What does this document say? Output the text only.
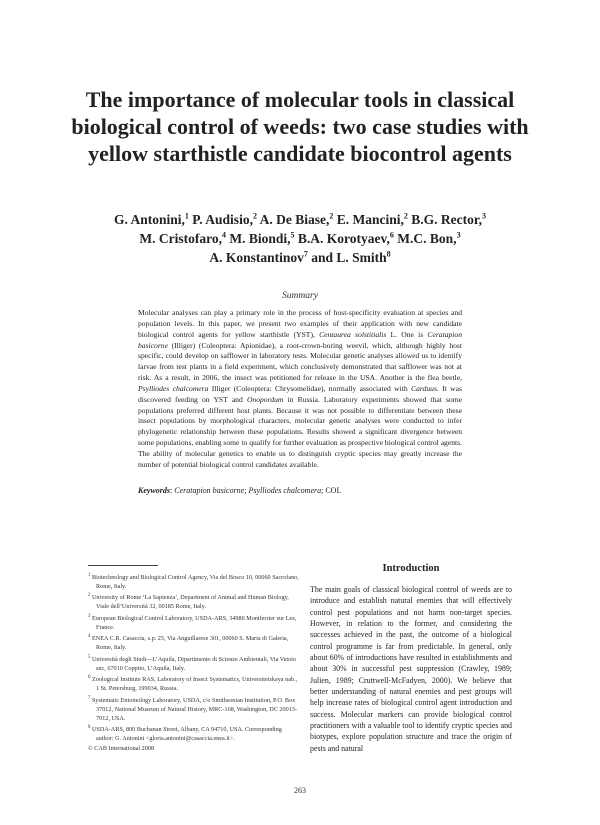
The importance of molecular tools in classical biological control of weeds: two case studies with yellow starthistle candidate biocontrol agents
G. Antonini,$^1$ P. Audisio,$^2$ A. De Biase,$^2$ E. Mancini,$^2$ B.G. Rector,$^3$
M. Cristofaro,$^4$ M. Biondi,$^5$ B.A. Korotyaev,$^6$ M.C. Bon,$^3$
A. Konstantinov$^7$ and L. Smith$^8$
Summary

Molecular analyses can play a primary role in the process of host-specificity evaluation at species and population levels. In this paper, we present two examples of their application with new candidate biological control agents for yellow starthistle (YST), Centaurea solstitialis L. One is Ceratapion basicorne (Illiger) (Coleoptera: Apionidae), a root-crown-boring weevil, which, although highly host specific, could develop on safflower in laboratory tests. Molecular genetic analyses allowed us to identify larvae from test plants in a field experiment, which conclusively demonstrated that safflower was not at risk. As a result, in 2006, the insect was petitioned for release in the USA. Another is the flea beetle, Psylliodes chalcomera Illiger (Coleoptera: Chrysomelidae), normally associated with Carduus. It was discovered feeding on YST and Onopordum in Russia. Laboratory experiments showed that some populations preferred different host plants. Because it was not possible to differentiate between these insect populations by morphological characters, molecular genetic analyses were conducted to infer phylogenetic relationship between these populations. Results showed a significant divergence between some populations, enabling some to qualify for further evaluation as prospective biological control agents. The ability of molecular genetics to enable us to distinguish cryptic species may greatly increase the number of potential biological control candidates available.

Keywords: Ceratapion basicorne; Psylliodes chalcomera; COI.
$^1$ Biotechnology and Biological Control Agency, Via del Bosco 10, 00060 Sacrofano, Rome, Italy.
$^2$ University of Rome ‘La Sapienza’, Department of Animal and Human Biology, Viale dell’Università 32, 00185 Rome, Italy.
$^3$ European Biological Control Laboratory, USDA-ARS, 34980 Montferrier sur Lez, France.
$^4$ ENEA C.R. Casaccia, s.p. 25, Via Anguillarese 301, 00060 S. Maria di Galeria, Rome, Italy.
$^5$ Università degli Studi—L’Aquila, Dipartimento di Scienze Ambientali, Via Vetoio snc, 67010 Coppito, L’Aquila, Italy.
$^6$ Zoological Institute RAS, Laboratory of Insect Systematics, Universitetskaya nab., 1 St. Petersburg, 199034, Russia.
$^7$ Systematic Entomology Laboratory, USDA, c/o Smithsonian Institution, P.O. Box 37012, National Museum of Natural History, MRC-168, Washington, DC 20013-7012, USA.
$^8$ USDA-ARS, 800 Buchanan Street, Albany, CA 94710, USA. Corresponding author: G. Antonini <gloria.antonini@casaccia.enea.it>.
© CAB International 2008
Introduction

The main goals of classical biological control of weeds are to introduce and establish natural enemies that will effectively control pest populations and not harm non-target species. However, in relation to the former, and considering the successes achieved in the past, the outcome of a biological control programme is far from predictable. In general, only about 60% of introductions have resulted in establishments and about 30% in successful pest suppression (Crawley, 1989; Julien, 1989; Cruttwell-McFadyen, 2000). We believe that better understanding of natural enemies and pest groups will help increase rates of biological control agent introduction and success. Molecular markers can provide biological control practitioners with a valuable tool to identify cryptic species and biotypes, explore population structure and trace the origin of pests and natural

263
